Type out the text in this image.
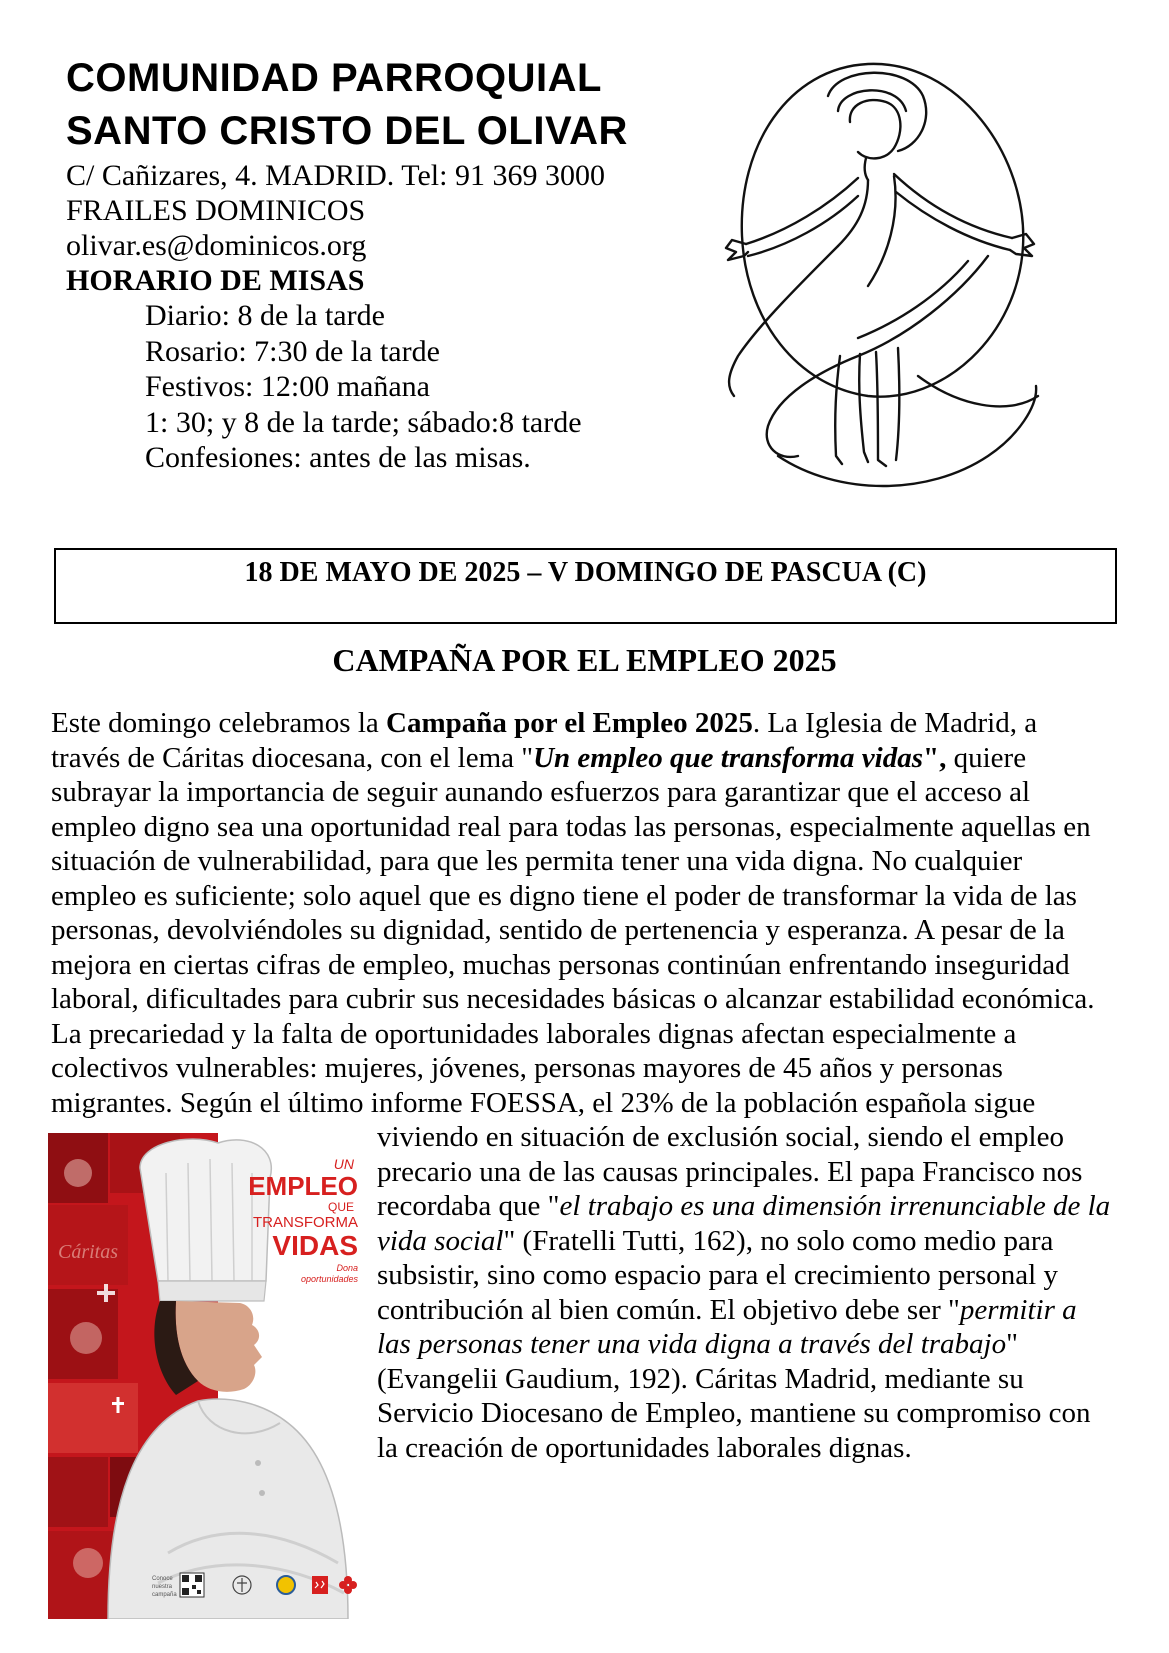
COMUNIDAD PARROQUIAL
SANTO CRISTO DEL OLIVAR
C/ Cañizares, 4. MADRID. Tel: 91 369 3000
FRAILES DOMINICOS
olivar.es@dominicos.org
HORARIO DE MISAS
Diario: 8 de la tarde
Rosario: 7:30 de la tarde
Festivos: 12:00 mañana
1: 30; y 8 de la tarde; sábado:8 tarde
Confesiones: antes de las misas.
18 DE MAYO DE 2025 – V DOMINGO DE PASCUA (C)
CAMPAÑA POR EL EMPLEO 2025

Este domingo celebramos la Campaña por el Empleo 2025. La Iglesia de Madrid, a través de Cáritas diocesana, con el lema "Un empleo que transforma vidas", quiere subrayar la importancia de seguir aunando esfuerzos para garantizar que el acceso al empleo digno sea una oportunidad real para todas las personas, especialmente aquellas en situación de vulnerabilidad, para que les permita tener una vida digna. No cualquier empleo es suficiente; solo aquel que es digno tiene el poder de transformar la vida de las personas, devolviéndoles su dignidad, sentido de pertenencia y esperanza. A pesar de la mejora en ciertas cifras de empleo, muchas personas continúan enfrentando inseguridad laboral, dificultades para cubrir sus necesidades básicas o alcanzar estabilidad económica. La precariedad y la falta de oportunidades laborales dignas afectan especialmente a colectivos vulnerables: mujeres, jóvenes, personas mayores de 45 años y personas migrantes. Según el último informe FOESSA, el 23% de la población española sigue viviendo en situación de exclusión social, siendo el empleo precario una de las causas principales. El papa Francisco nos recordaba que "el trabajo es una dimensión irrenunciable de la vida social" (Fratelli Tutti, 162), no solo como medio para subsistir, sino como espacio para el crecimiento personal y contribución al bien común. El objetivo debe ser "permitir a las personas tener una vida digna a través del trabajo" (Evangelii Gaudium, 192). Cáritas Madrid, mediante su Servicio Diocesano de Empleo, mantiene su compromiso con la creación de oportunidades laborales dignas.

Cáritas
UN
EMPLEO
QUE
TRANSFORMA
VIDAS
Dona
oportunidades
Conoce
nuestra
campaña
